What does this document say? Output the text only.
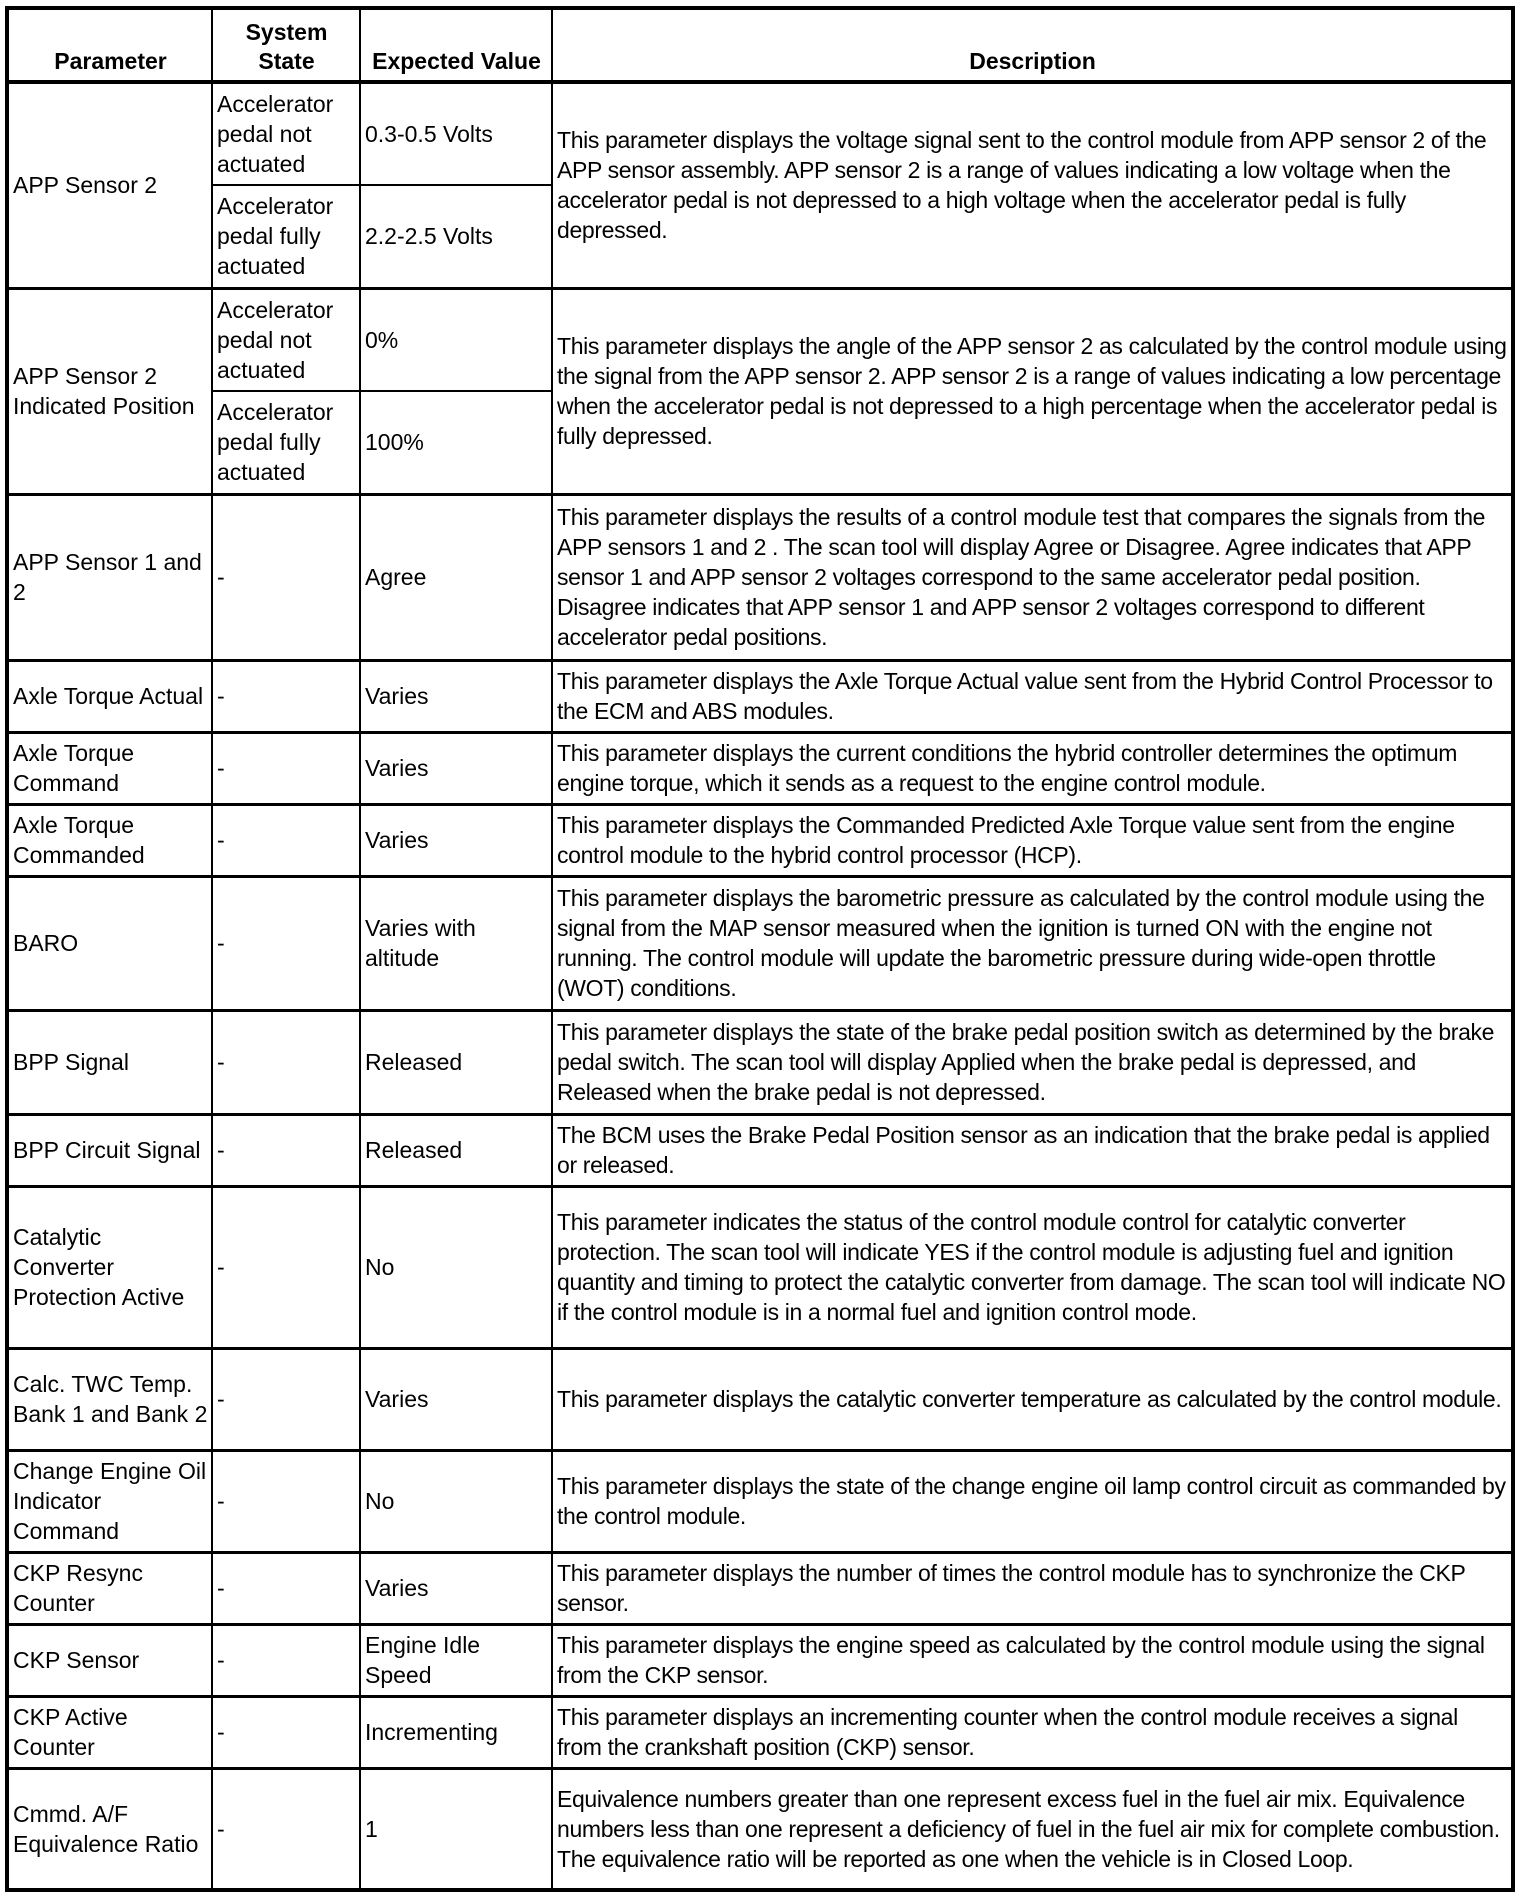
Parameter	System State	Expected Value	Description
APP Sensor 2	Accelerator pedal not actuated	0.3-0.5 Volts	This parameter displays the voltage signal sent to the control module from APP sensor 2 of the APP sensor assembly. APP sensor 2 is a range of values indicating a low voltage when the accelerator pedal is not depressed to a high voltage when the accelerator pedal is fully depressed.
	Accelerator pedal fully actuated	2.2-2.5 Volts	
APP Sensor 2 Indicated Position	Accelerator pedal not actuated	0%	This parameter displays the angle of the APP sensor 2 as calculated by the control module using the signal from the APP sensor 2. APP sensor 2 is a range of values indicating a low percentage when the accelerator pedal is not depressed to a high percentage when the accelerator pedal is fully depressed.
	Accelerator pedal fully actuated	100%	
APP Sensor 1 and 2	-	Agree	This parameter displays the results of a control module test that compares the signals from the APP sensors 1 and 2 . The scan tool will display Agree or Disagree. Agree indicates that APP sensor 1 and APP sensor 2 voltages correspond to the same accelerator pedal position. Disagree indicates that APP sensor 1 and APP sensor 2 voltages correspond to different accelerator pedal positions.
Axle Torque Actual	-	Varies	This parameter displays the Axle Torque Actual value sent from the Hybrid Control Processor to the ECM and ABS modules.
Axle Torque Command	-	Varies	This parameter displays the current conditions the hybrid controller determines the optimum engine torque, which it sends as a request to the engine control module.
Axle Torque Commanded	-	Varies	This parameter displays the Commanded Predicted Axle Torque value sent from the engine control module to the hybrid control processor (HCP).
BARO	-	Varies with altitude	This parameter displays the barometric pressure as calculated by the control module using the signal from the MAP sensor measured when the ignition is turned ON with the engine not running. The control module will update the barometric pressure during wide-open throttle (WOT) conditions.
BPP Signal	-	Released	This parameter displays the state of the brake pedal position switch as determined by the brake pedal switch. The scan tool will display Applied when the brake pedal is depressed, and Released when the brake pedal is not depressed.
BPP Circuit Signal	-	Released	The BCM uses the Brake Pedal Position sensor as an indication that the brake pedal is applied or released.
Catalytic Converter Protection Active	-	No	This parameter indicates the status of the control module control for catalytic converter protection. The scan tool will indicate YES if the control module is adjusting fuel and ignition quantity and timing to protect the catalytic converter from damage. The scan tool will indicate NO if the control module is in a normal fuel and ignition control mode.
Calc. TWC Temp. Bank 1 and Bank 2	-	Varies	This parameter displays the catalytic converter temperature as calculated by the control module.
Change Engine Oil Indicator Command	-	No	This parameter displays the state of the change engine oil lamp control circuit as commanded by the control module.
CKP Resync Counter	-	Varies	This parameter displays the number of times the control module has to synchronize the CKP sensor.
CKP Sensor	-	Engine Idle Speed	This parameter displays the engine speed as calculated by the control module using the signal from the CKP sensor.
CKP Active Counter	-	Incrementing	This parameter displays an incrementing counter when the control module receives a signal from the crankshaft position (CKP) sensor.
Cmmd. A/F Equivalence Ratio	-	1	Equivalence numbers greater than one represent excess fuel in the fuel air mix. Equivalence numbers less than one represent a deficiency of fuel in the fuel air mix for complete combustion. The equivalence ratio will be reported as one when the vehicle is in Closed Loop.
